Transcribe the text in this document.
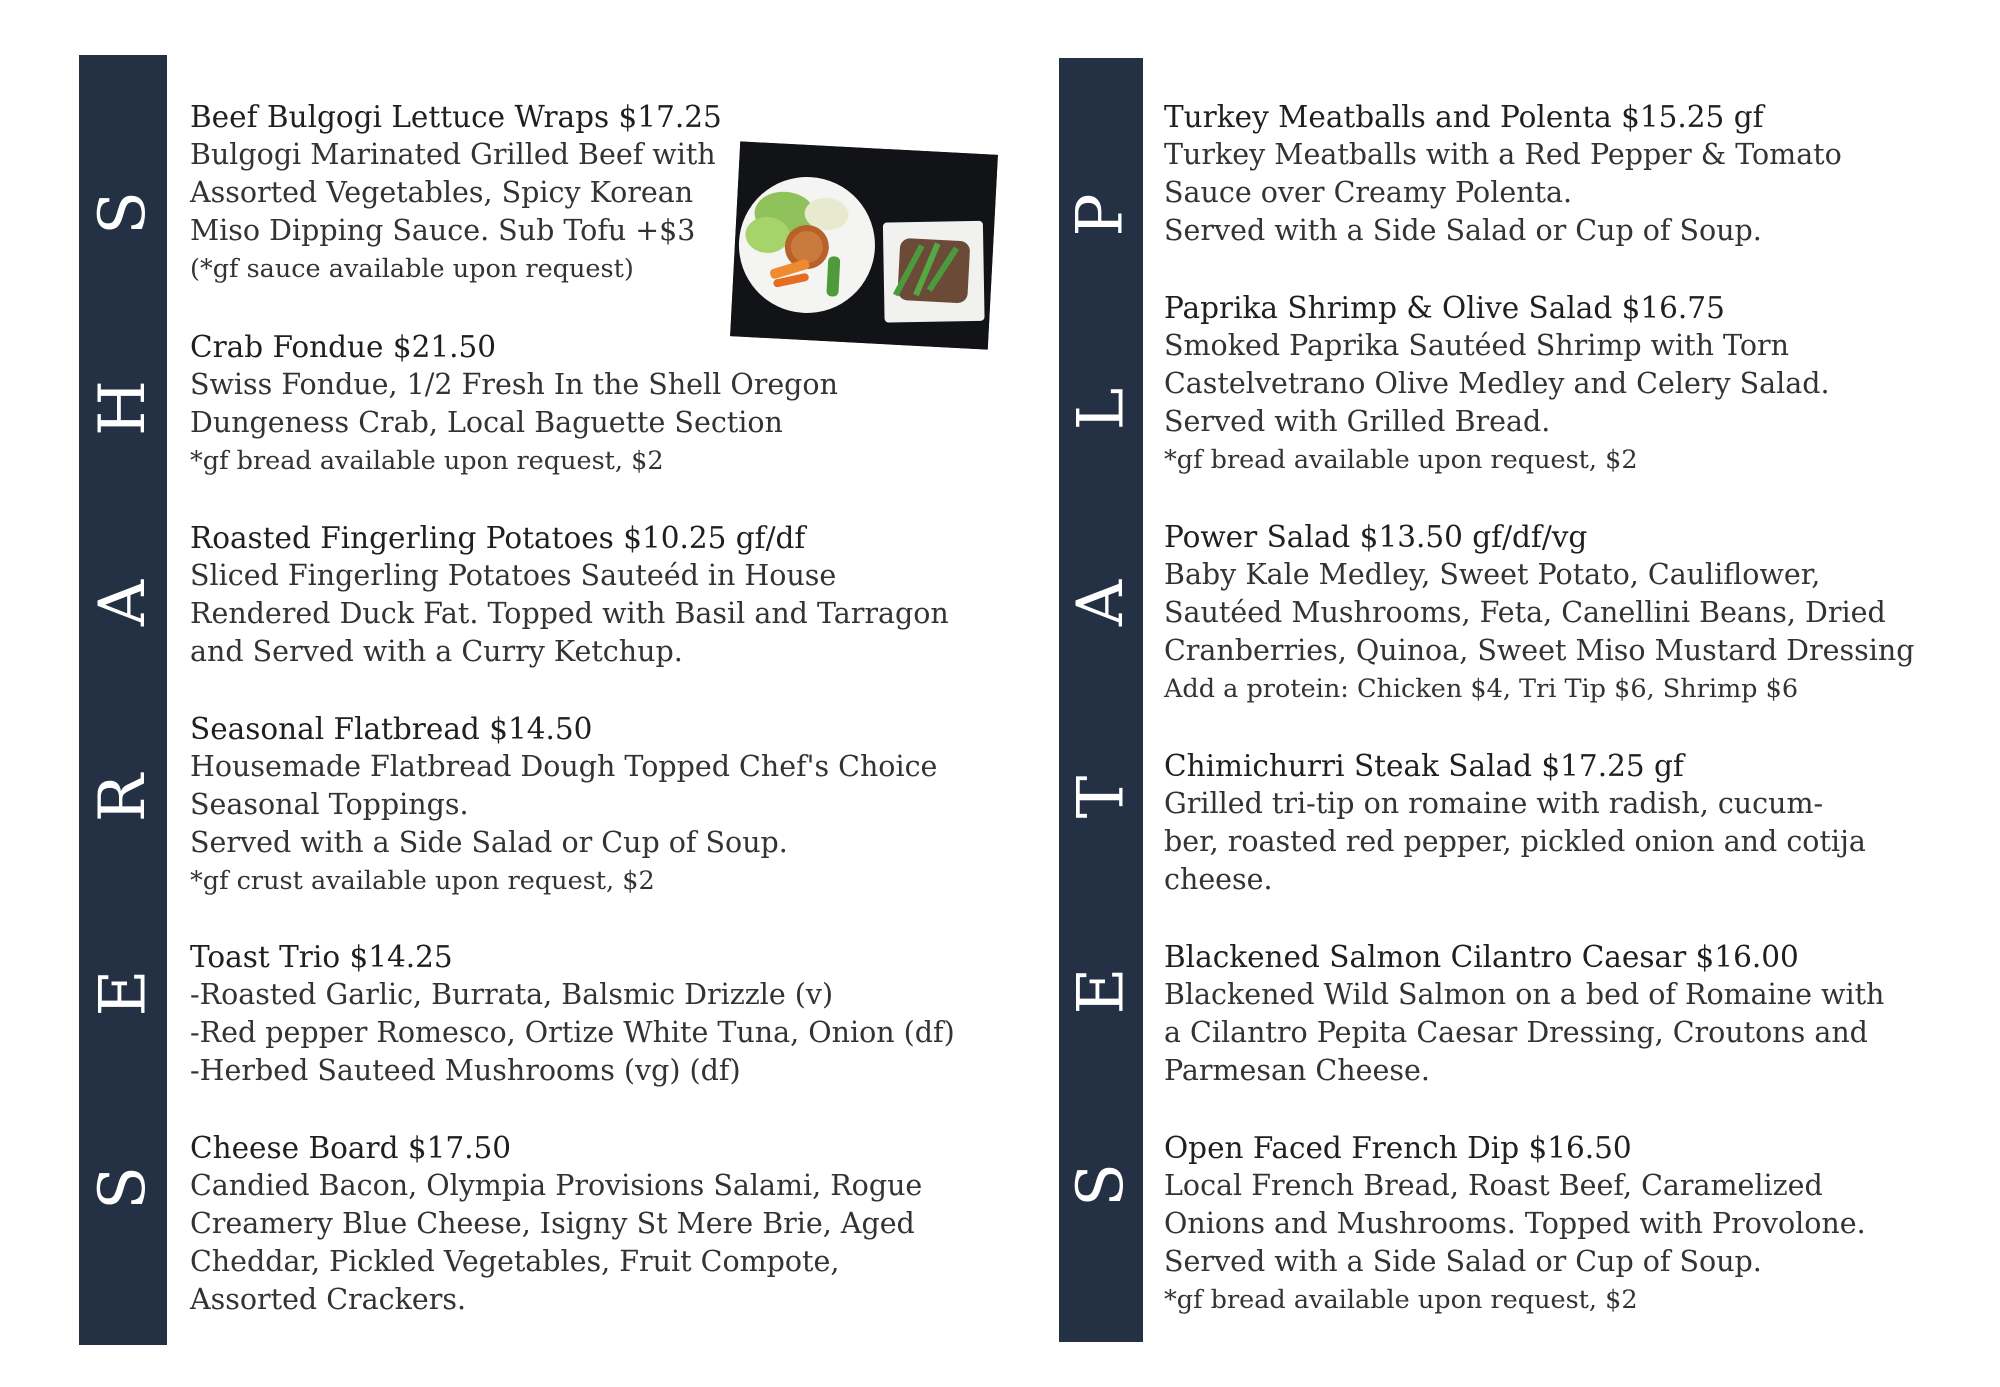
S
H
A
R
E
S
P
L
A
T
E
S
Beef Bulgogi Lettuce Wraps $17.25
Bulgogi Marinated Grilled Beef with
Assorted Vegetables, Spicy Korean
Miso Dipping Sauce. Sub Tofu +$3
(*gf sauce available upon request)
Crab Fondue $21.50
Swiss Fondue, 1/2 Fresh In the Shell Oregon
Dungeness Crab, Local Baguette Section
*gf bread available upon request, $2
Roasted Fingerling Potatoes $10.25 gf/df
Sliced Fingerling Potatoes Sauteéd in House
Rendered Duck Fat. Topped with Basil and Tarragon
and Served with a Curry Ketchup.
Seasonal Flatbread $14.50
Housemade Flatbread Dough Topped Chef's Choice
Seasonal Toppings.
Served with a Side Salad or Cup of Soup.
*gf crust available upon request, $2
Toast Trio $14.25
-Roasted Garlic, Burrata, Balsmic Drizzle (v)
-Red pepper Romesco, Ortize White Tuna, Onion (df)
-Herbed Sauteed Mushrooms (vg) (df)
Cheese Board $17.50
Candied Bacon, Olympia Provisions Salami, Rogue
Creamery Blue Cheese, Isigny St Mere Brie, Aged
Cheddar, Pickled Vegetables, Fruit Compote,
Assorted Crackers.
Turkey Meatballs and Polenta $15.25 gf
Turkey Meatballs with a Red Pepper & Tomato
Sauce over Creamy Polenta.
Served with a Side Salad or Cup of Soup.
Paprika Shrimp & Olive Salad $16.75
Smoked Paprika Sautéed Shrimp with Torn
Castelvetrano Olive Medley and Celery Salad.
Served with Grilled Bread.
*gf bread available upon request, $2
Power Salad $13.50 gf/df/vg
Baby Kale Medley, Sweet Potato, Cauliflower,
Sautéed Mushrooms, Feta, Canellini Beans, Dried
Cranberries, Quinoa, Sweet Miso Mustard Dressing
Add a protein: Chicken $4, Tri Tip $6, Shrimp $6
Chimichurri Steak Salad $17.25 gf
Grilled tri-tip on romaine with radish, cucum-
ber, roasted red pepper, pickled onion and cotija
cheese.
Blackened Salmon Cilantro Caesar $16.00
Blackened Wild Salmon on a bed of Romaine with
a Cilantro Pepita Caesar Dressing, Croutons and
Parmesan Cheese.
Open Faced French Dip $16.50
Local French Bread, Roast Beef, Caramelized
Onions and Mushrooms. Topped with Provolone.
Served with a Side Salad or Cup of Soup.
*gf bread available upon request, $2
